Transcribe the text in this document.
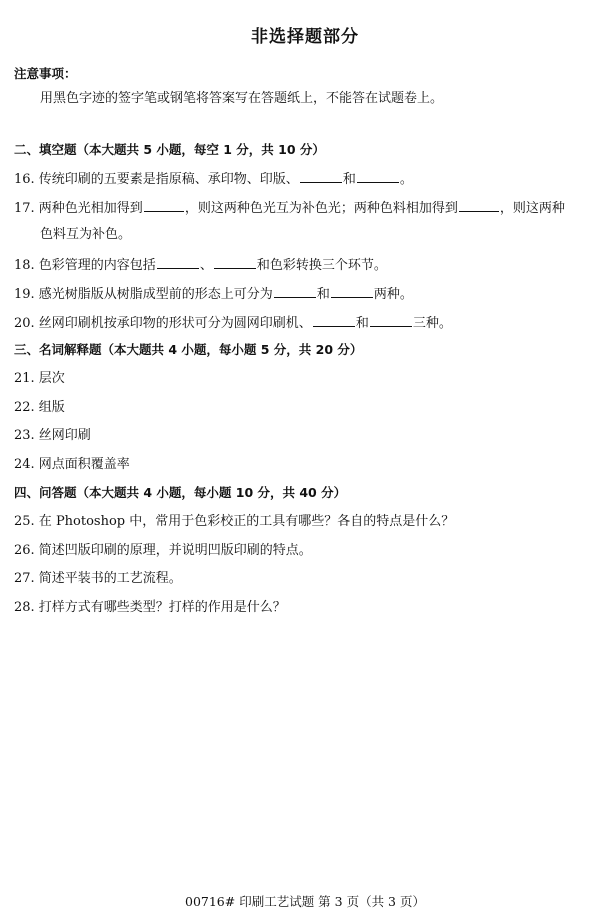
非选择题部分
注意事项：
用黑色字迹的签字笔或钢笔将答案写在答题纸上，不能答在试题卷上。
二、填空题（本大题共 5 小题，每空 1 分，共 10 分）
16. 传统印刷的五要素是指原稿、承印物、印版、	和	。
17. 两种色光相加得到	，则这两种色光互为补色光；两种色料相加得到	，则这两种
色料互为补色。
18. 色彩管理的内容包括	、	和色彩转换三个环节。
19. 感光树脂版从树脂成型前的形态上可分为	和	两种。
20. 丝网印刷机按承印物的形状可分为圆网印刷机、	和	三种。
三、名词解释题（本大题共 4 小题，每小题 5 分，共 20 分）
21. 层次
22. 组版
23. 丝网印刷
24. 网点面积覆盖率
四、问答题（本大题共 4 小题，每小题 10 分，共 40 分）
25. 在 Photoshop 中，常用于色彩校正的工具有哪些？各自的特点是什么？
26. 简述凹版印刷的原理，并说明凹版印刷的特点。
27. 简述平装书的工艺流程。
28. 打样方式有哪些类型？打样的作用是什么？
00716# 印刷工艺试题 第 3 页（共 3 页）
